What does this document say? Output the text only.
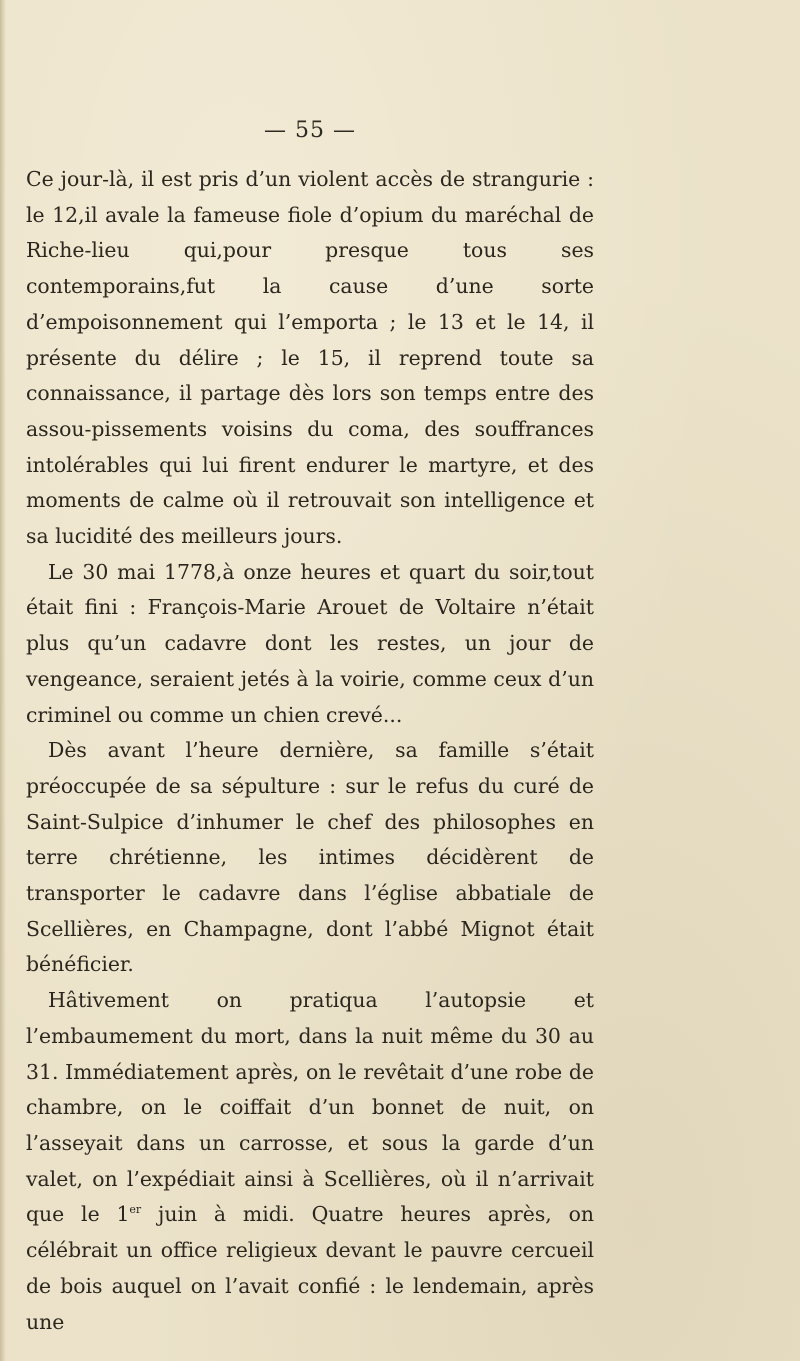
— 55 —

Ce jour-là, il est pris d’un violent accès de strangurie : le 12,il avale la fameuse fiole d’opium du maréchal de Riche-lieu qui,pour presque tous ses contemporains,fut la cause d’une sorte d’empoisonnement qui l’emporta ; le 13 et le 14, il présente du délire ; le 15, il reprend toute sa connaissance, il partage dès lors son temps entre des assou-pissements voisins du coma, des souffrances intolérables qui lui firent endurer le martyre, et des moments de calme où il retrouvait son intelligence et sa lucidité des meilleurs jours.

Le 30 mai 1778,à onze heures et quart du soir,tout était fini : François-Marie Arouet de Voltaire n’était plus qu’un cadavre dont les restes, un jour de vengeance, seraient jetés à la voirie, comme ceux d’un criminel ou comme un chien crevé...

Dès avant l’heure dernière, sa famille s’était préoccupée de sa sépulture : sur le refus du curé de Saint-Sulpice d’inhumer le chef des philosophes en terre chrétienne, les intimes décidèrent de transporter le cadavre dans l’église abbatiale de Scellières, en Champagne, dont l’abbé Mignot était bénéficier.

Hâtivement on pratiqua l’autopsie et l’embaumement du mort, dans la nuit même du 30 au 31. Immédiatement après, on le revêtait d’une robe de chambre, on le coiffait d’un bonnet de nuit, on l’asseyait dans un carrosse, et sous la garde d’un valet, on l’expédiait ainsi à Scellières, où il n’arrivait que le 1er juin à midi. Quatre heures après, on célébrait un office religieux devant le pauvre cercueil de bois auquel on l’avait confié : le lendemain, après une
